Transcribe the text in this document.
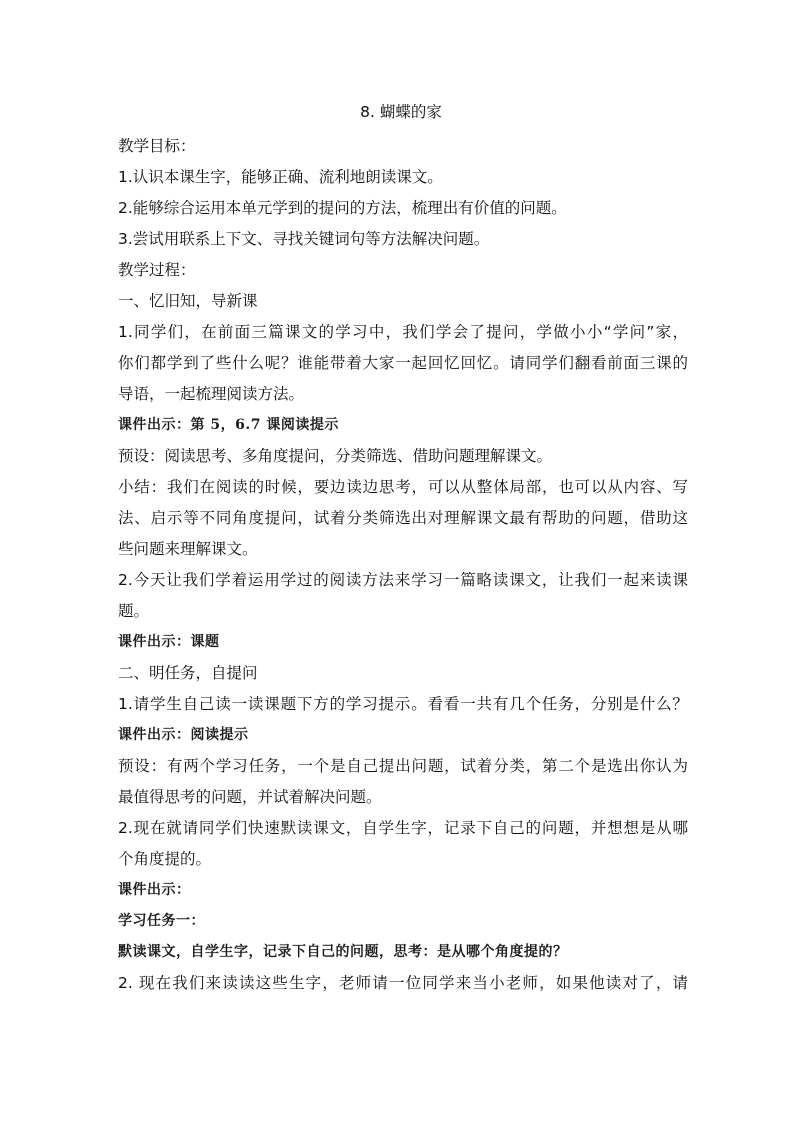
8. 蝴蝶的家
教学目标：
1.认识本课生字，能够正确、流利地朗读课文。
2.能够综合运用本单元学到的提问的方法，梳理出有价值的问题。
3.尝试用联系上下文、寻找关键词句等方法解决问题。
教学过程：
一、忆旧知，导新课
1.同学们，在前面三篇课文的学习中，我们学会了提问，学做小小“学问”家，
你们都学到了些什么呢？谁能带着大家一起回忆回忆。请同学们翻看前面三课的
导语，一起梳理阅读方法。
课件出示：第 5，6.7 课阅读提示
预设：阅读思考、多角度提问，分类筛选、借助问题理解课文。
小结：我们在阅读的时候，要边读边思考，可以从整体局部，也可以从内容、写
法、启示等不同角度提问，试着分类筛选出对理解课文最有帮助的问题，借助这
些问题来理解课文。
2.今天让我们学着运用学过的阅读方法来学习一篇略读课文，让我们一起来读课
题。
课件出示：课题
二、明任务，自提问
1.请学生自己读一读课题下方的学习提示。看看一共有几个任务，分别是什么？
课件出示：阅读提示
预设：有两个学习任务，一个是自己提出问题，试着分类，第二个是选出你认为
最值得思考的问题，并试着解决问题。
2.现在就请同学们快速默读课文，自学生字，记录下自己的问题，并想想是从哪
个角度提的。
课件出示：
学习任务一：
默读课文，自学生字，记录下自己的问题，思考：是从哪个角度提的？
2. 现在我们来读读这些生字，老师请一位同学来当小老师，如果他读对了，请
